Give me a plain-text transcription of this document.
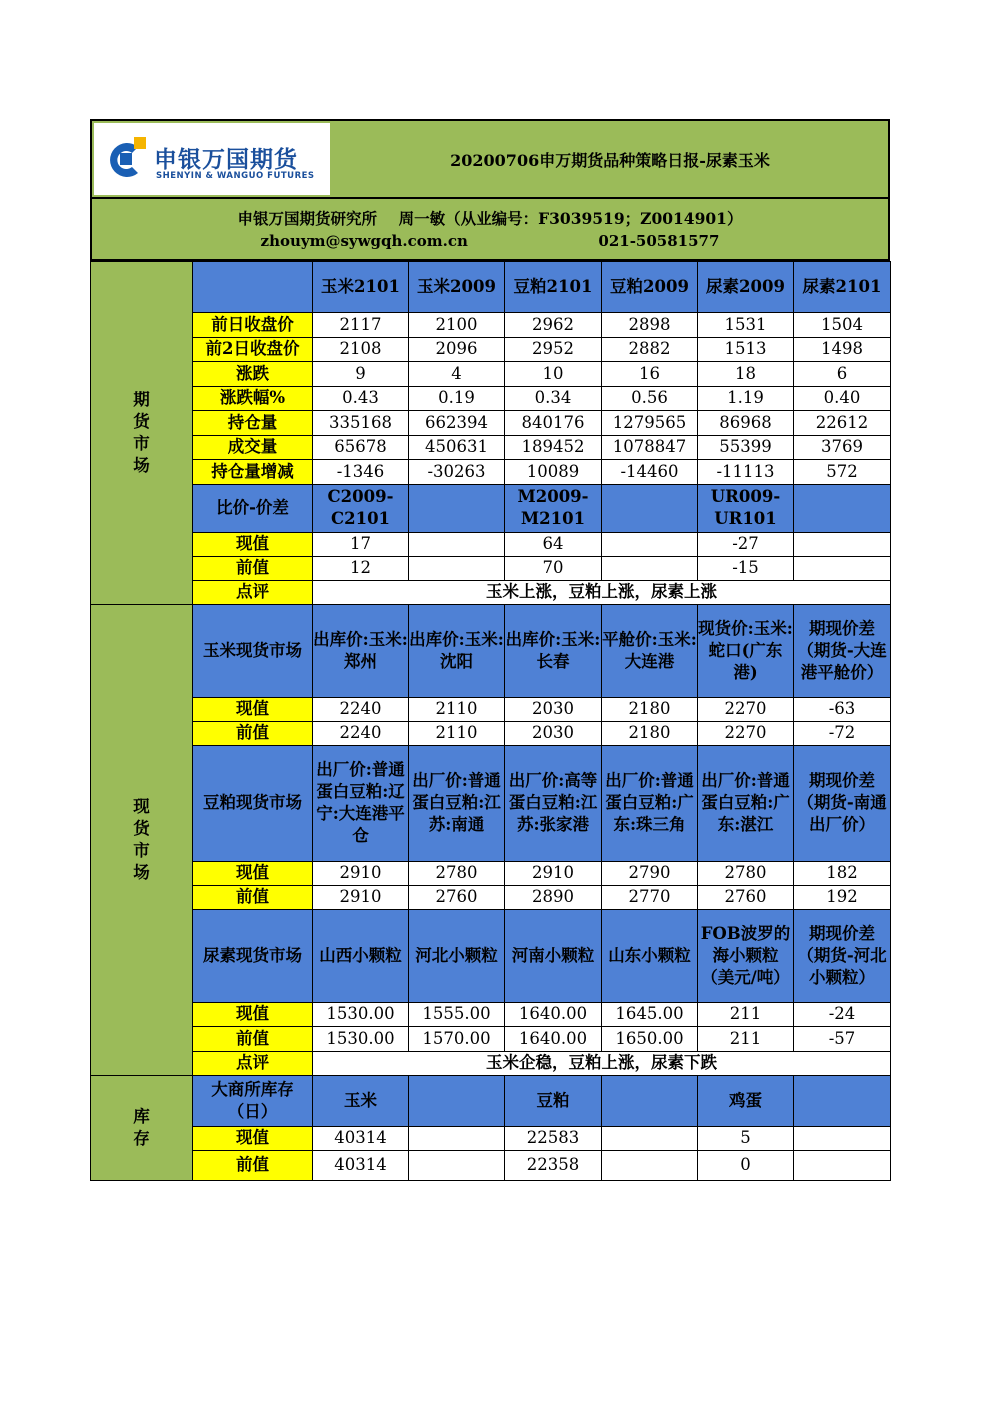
申银万国期货
SHENYIN & WANGUO FUTURES
20200706申万期货品种策略日报-尿素玉米
申银万国期货研究所    周一敏（从业编号：F3039519；Z0014901）
zhouym@sywgqh.com.cn	021-50581577
期货市场		玉米2101	玉米2009	豆粕2101	豆粕2009	尿素2009	尿素2101
	前日收盘价	2117	2100	2962	2898	1531	1504
	前2日收盘价	2108	2096	2952	2882	1513	1498
	涨跌	9	4	10	16	18	6
	涨跌幅%	0.43	0.19	0.34	0.56	1.19	0.40
	持仓量	335168	662394	840176	1279565	86968	22612
	成交量	65678	450631	189452	1078847	55399	3769
	持仓量增减	-1346	-30263	10089	-14460	-11113	572
	比价-价差	C2009-C2101		M2009-M2101		UR009-UR101	
	现值	17		64		-27	
	前值	12		70		-15	
	点评	玉米上涨，豆粕上涨，尿素上涨					
现货市场	玉米现货市场	出库价:玉米:郑州	出库价:玉米:沈阳	出库价:玉米:长春	平舱价:玉米:大连港	现货价:玉米:蛇口(广东港)	期现价差（期货-大连港平舱价）
	现值	2240	2110	2030	2180	2270	-63
	前值	2240	2110	2030	2180	2270	-72
	豆粕现货市场	出厂价:普通蛋白豆粕:辽宁:大连港平仓	出厂价:普通蛋白豆粕:江苏:南通	出厂价:高等蛋白豆粕:江苏:张家港	出厂价:普通蛋白豆粕:广东:珠三角	出厂价:普通蛋白豆粕:广东:湛江	期现价差（期货-南通出厂价）
	现值	2910	2780	2910	2790	2780	182
	前值	2910	2760	2890	2770	2760	192
	尿素现货市场	山西小颗粒	河北小颗粒	河南小颗粒	山东小颗粒	FOB波罗的海小颗粒（美元/吨）	期现价差（期货-河北小颗粒）
	现值	1530.00	1555.00	1640.00	1645.00	211	-24
	前值	1530.00	1570.00	1640.00	1650.00	211	-57
	点评	玉米企稳，豆粕上涨，尿素下跌					
库存	大商所库存（日）	玉米		豆粕		鸡蛋	
	现值	40314		22583		5	
	前值	40314		22358		0	
